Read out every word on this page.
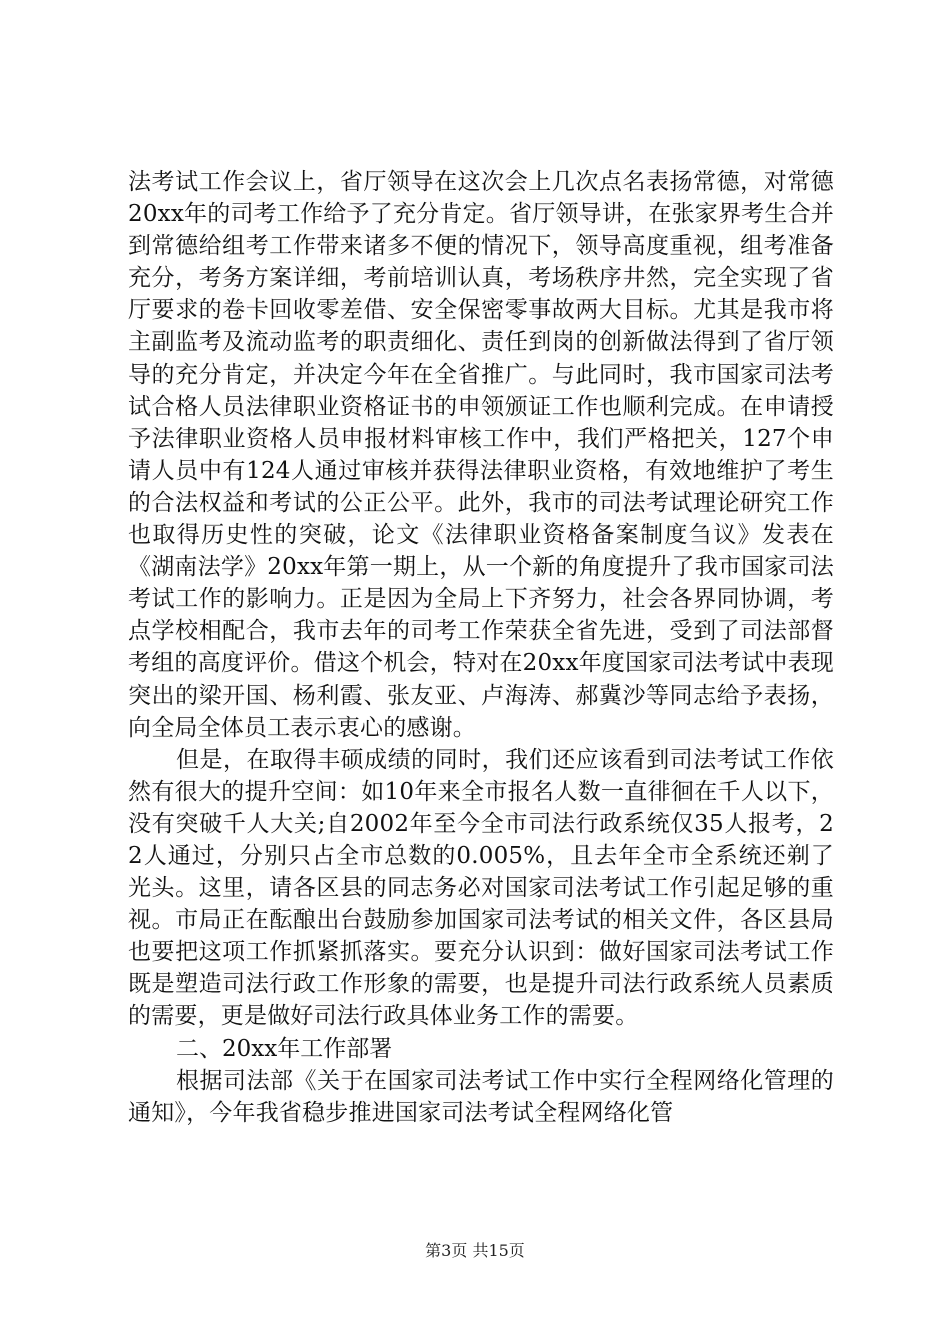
法考试工作会议上，省厅领导在这次会上几次点名表扬常德，对常德20xx年的司考工作给予了充分肯定。省厅领导讲，在张家界考生合并到常德给组考工作带来诸多不便的情况下，领导高度重视，组考准备充分，考务方案详细，考前培训认真，考场秩序井然，完全实现了省厅要求的卷卡回收零差借、安全保密零事故两大目标。尤其是我市将主副监考及流动监考的职责细化、责任到岗的创新做法得到了省厅领导的充分肯定，并决定今年在全省推广。与此同时，我市国家司法考试合格人员法律职业资格证书的申领颁证工作也顺利完成。在申请授予法律职业资格人员申报材料审核工作中，我们严格把关，127个申请人员中有124人通过审核并获得法律职业资格，有效地维护了考生的合法权益和考试的公正公平。此外，我市的司法考试理论研究工作也取得历史性的突破，论文《法律职业资格备案制度刍议》发表在《湖南法学》20xx年第一期上，从一个新的角度提升了我市国家司法考试工作的影响力。正是因为全局上下齐努力，社会各界同协调，考点学校相配合，我市去年的司考工作荣获全省先进，受到了司法部督考组的高度评价。借这个机会，特对在20xx年度国家司法考试中表现突出的梁开国、杨利霞、张友亚、卢海涛、郝冀沙等同志给予表扬，向全局全体员工表示衷心的感谢。

但是，在取得丰硕成绩的同时，我们还应该看到司法考试工作依然有很大的提升空间：如10年来全市报名人数一直徘徊在千人以下，没有突破千人大关;自2002年至今全市司法行政系统仅35人报考，22人通过，分别只占全市总数的0.005%，且去年全市全系统还剃了光头。这里，请各区县的同志务必对国家司法考试工作引起足够的重视。市局正在酝酿出台鼓励参加国家司法考试的相关文件，各区县局也要把这项工作抓紧抓落实。要充分认识到：做好国家司法考试工作既是塑造司法行政工作形象的需要，也是提升司法行政系统人员素质的需要，更是做好司法行政具体业务工作的需要。

二、20xx年工作部署

根据司法部《关于在国家司法考试工作中实行全程网络化管理的通知》，今年我省稳步推进国家司法考试全程网络化管

第3页 共15页
